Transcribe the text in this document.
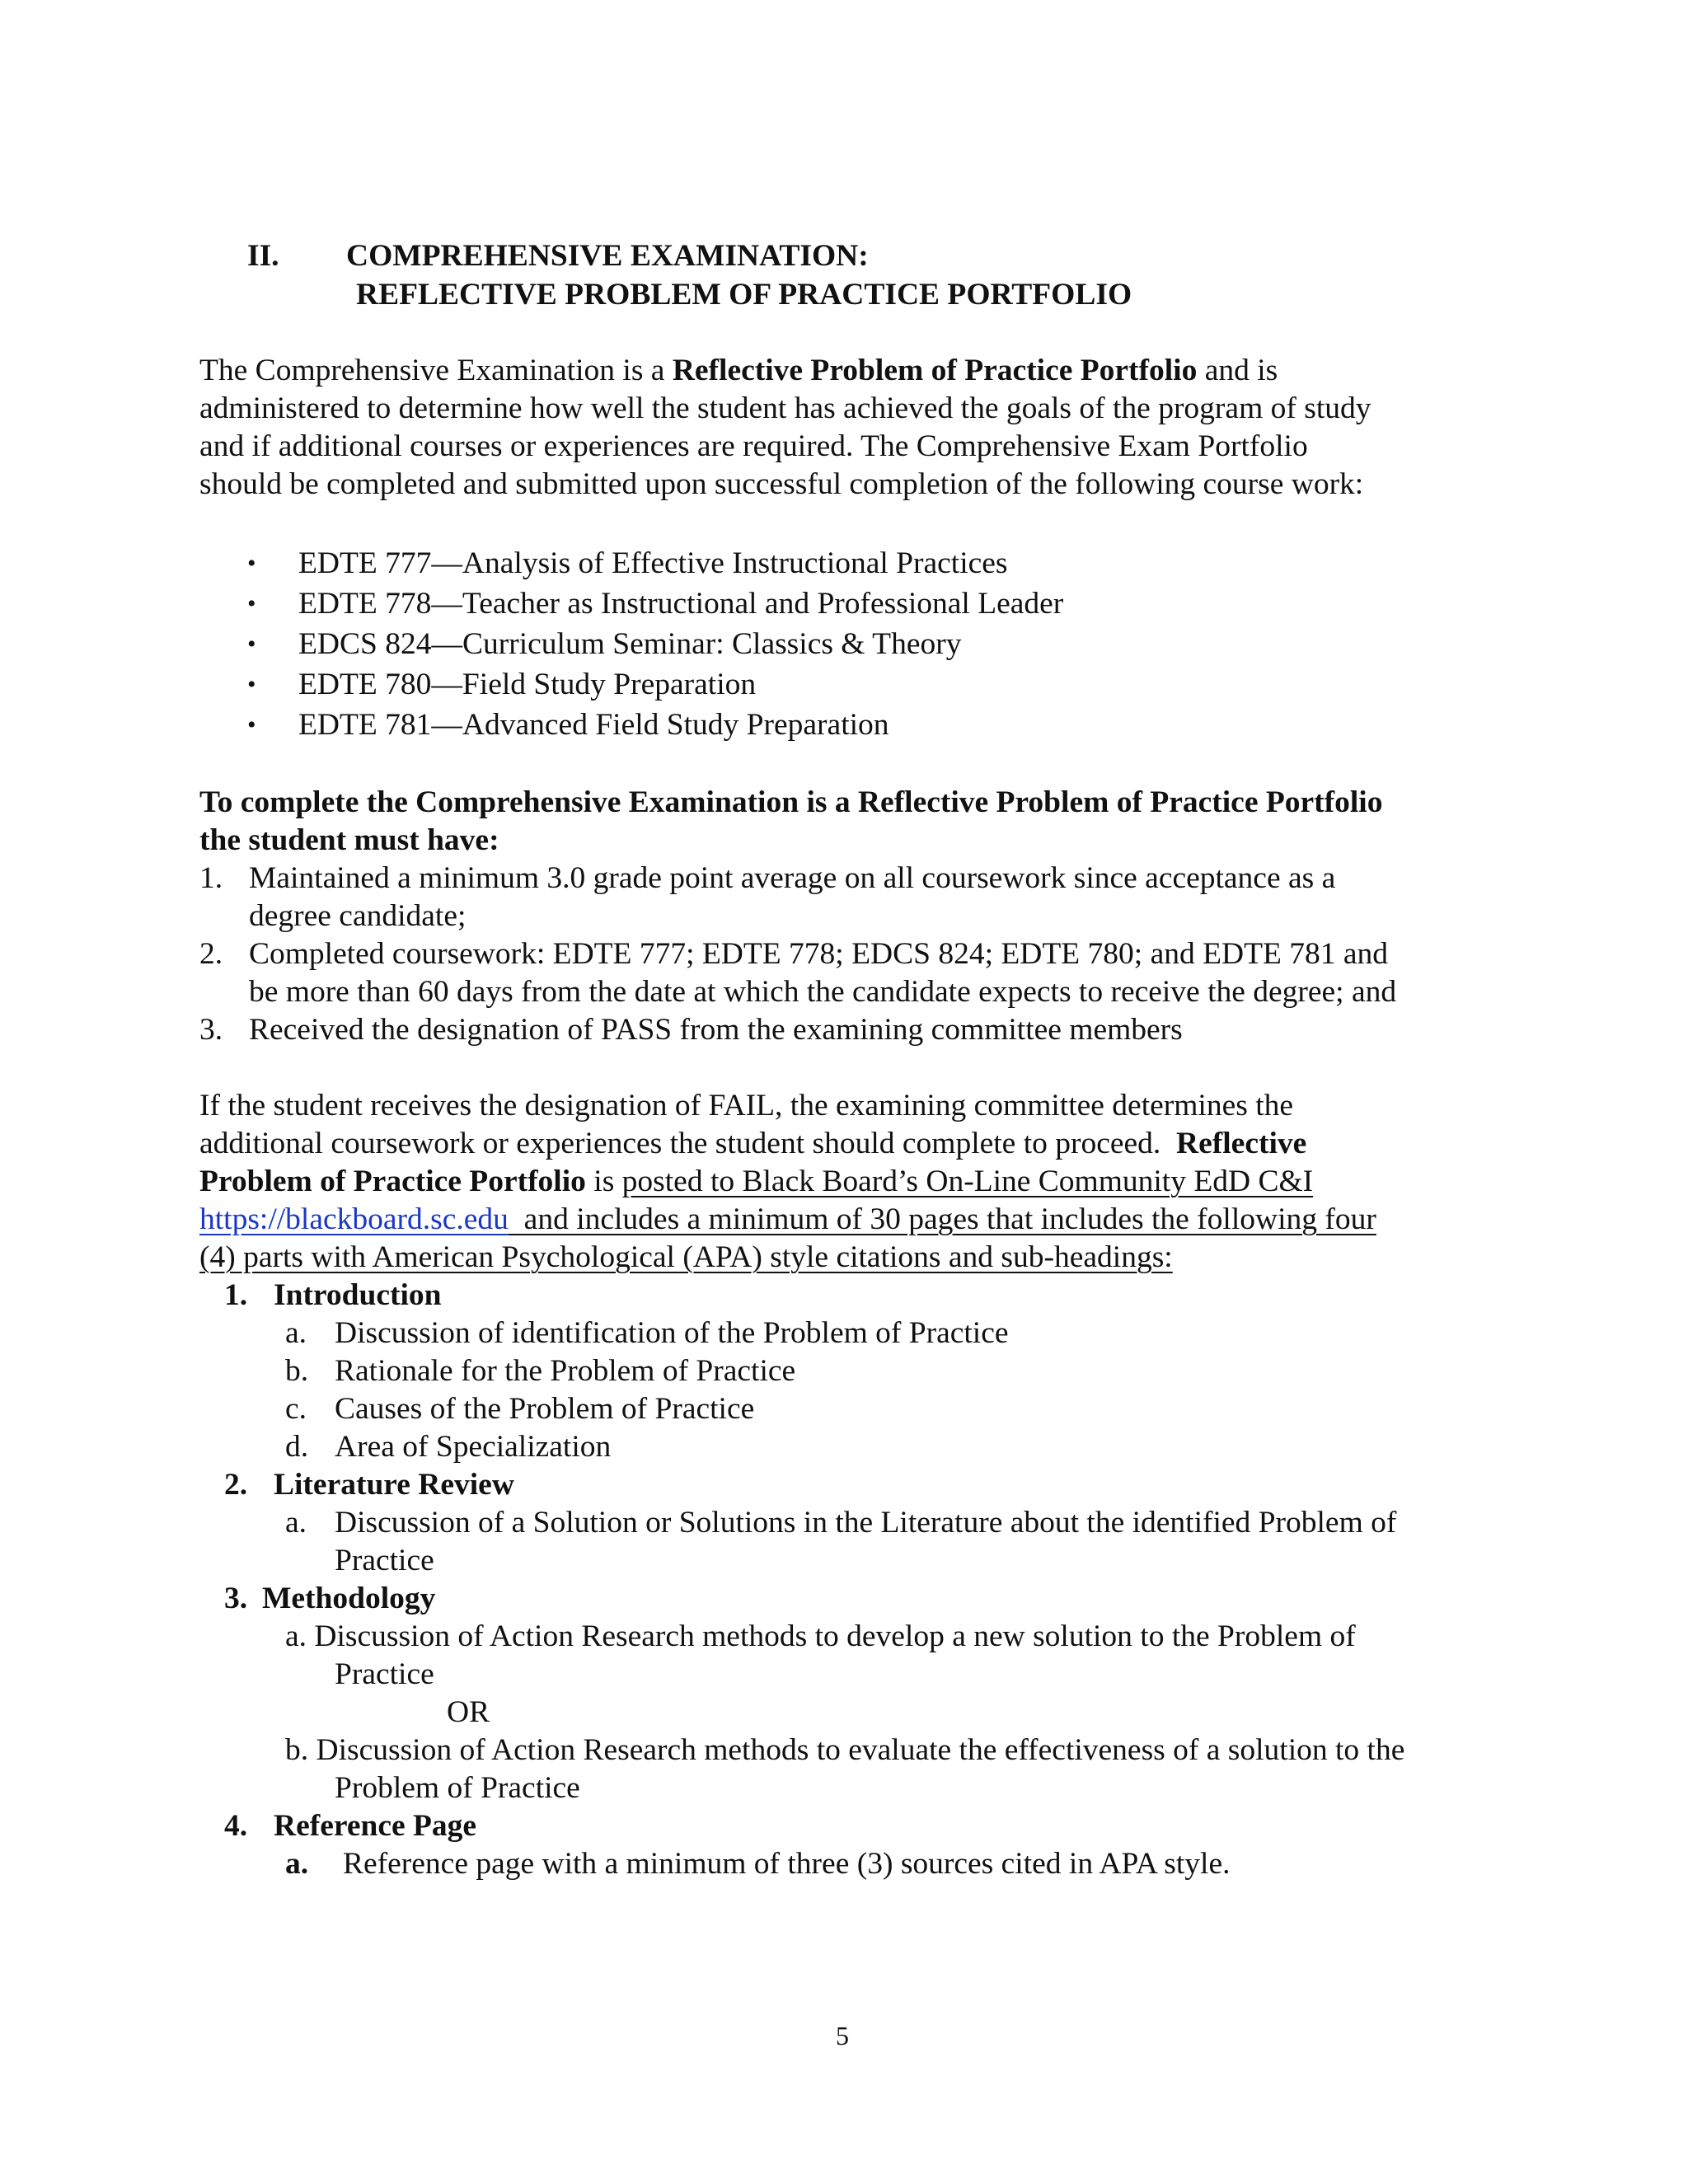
II. COMPREHENSIVE EXAMINATION:
REFLECTIVE PROBLEM OF PRACTICE PORTFOLIO
The Comprehensive Examination is a Reflective Problem of Practice Portfolio and is
administered to determine how well the student has achieved the goals of the program of study
and if additional courses or experiences are required. The Comprehensive Exam Portfolio
should be completed and submitted upon successful completion of the following course work:
• EDTE 777—Analysis of Effective Instructional Practices
• EDTE 778—Teacher as Instructional and Professional Leader
• EDCS 824—Curriculum Seminar: Classics & Theory
• EDTE 780—Field Study Preparation
• EDTE 781—Advanced Field Study Preparation
To complete the Comprehensive Examination is a Reflective Problem of Practice Portfolio
the student must have:
1. Maintained a minimum 3.0 grade point average on all coursework since acceptance as a
degree candidate;
2. Completed coursework: EDTE 777; EDTE 778; EDCS 824; EDTE 780; and EDTE 781 and
be more than 60 days from the date at which the candidate expects to receive the degree; and
3. Received the designation of PASS from the examining committee members
If the student receives the designation of FAIL, the examining committee determines the
additional coursework or experiences the student should complete to proceed.  Reflective
Problem of Practice Portfolio is posted to Black Board’s On-Line Community EdD C&I
https://blackboard.sc.edu  and includes a minimum of 30 pages that includes the following four
(4) parts with American Psychological (APA) style citations and sub-headings:
1. Introduction
a. Discussion of identification of the Problem of Practice
b. Rationale for the Problem of Practice
c. Causes of the Problem of Practice
d. Area of Specialization
2. Literature Review
a. Discussion of a Solution or Solutions in the Literature about the identified Problem of
Practice
3. Methodology
a. Discussion of Action Research methods to develop a new solution to the Problem of
Practice
OR
b. Discussion of Action Research methods to evaluate the effectiveness of a solution to the
Problem of Practice
4. Reference Page
a. Reference page with a minimum of three (3) sources cited in APA style.
5
